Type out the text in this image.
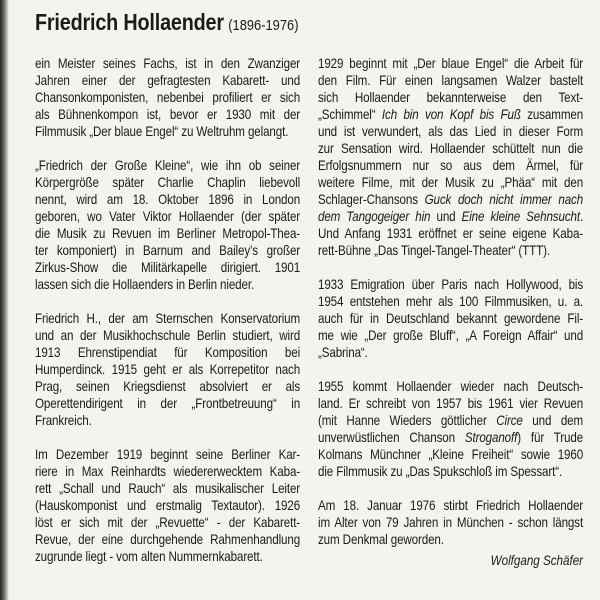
Friedrich Hollaender (1896-1976)
ein Meister seines Fachs, ist in den Zwanziger
Jahren einer der gefragtesten Kabarett- und
Chansonkomponisten, nebenbei profiliert er sich
als Bühnenkompon ist, bevor er 1930 mit der
Filmmusik „Der blaue Engel“ zu Weltruhm gelangt.
„Friedrich der Große Kleine“, wie ihn ob seiner
Körpergröße später Charlie Chaplin liebevoll
nennt, wird am 18. Oktober 1896 in London
geboren, wo Vater Viktor Hollaender (der später
die Musik zu Revuen im Berliner Metropol-Thea-
ter komponiert) in Barnum and Bailey’s großer
Zirkus-Show die Militärkapelle dirigiert. 1901
lassen sich die Hollaenders in Berlin nieder.
Friedrich H., der am Sternschen Konservatorium
und an der Musikhochschule Berlin studiert, wird
1913 Ehrenstipendiat für Komposition bei
Humperdinck. 1915 geht er als Korrepetitor nach
Prag, seinen Kriegsdienst absolviert er als
Operettendirigent in der „Frontbetreuung“ in
Frankreich.
Im Dezember 1919 beginnt seine Berliner Kar-
riere in Max Reinhardts wiedererwecktem Kaba-
rett „Schall und Rauch“ als musikalischer Leiter
(Hauskomponist und erstmalig Textautor). 1926
löst er sich mit der „Revuette“ - der Kabarett-
Revue, der eine durchgehende Rahmenhandlung
zugrunde liegt - vom alten Nummernkabarett.
1929 beginnt mit „Der blaue Engel“ die Arbeit für
den Film. Für einen langsamen Walzer bastelt
sich Hollaender bekannterweise den Text-
„Schimmel“ Ich bin von Kopf bis Fuß zusammen
und ist verwundert, als das Lied in dieser Form
zur Sensation wird. Hollaender schüttelt nun die
Erfolgsnummern nur so aus dem Ärmel, für
weitere Filme, mit der Musik zu „Phäa“ mit den
Schlager-Chansons Guck doch nicht immer nach
dem Tangogeiger hin und Eine kleine Sehnsucht.
Und Anfang 1931 eröffnet er seine eigene Kaba-
rett-Bühne „Das Tingel-Tangel-Theater“ (TTT).
1933 Emigration über Paris nach Hollywood, bis
1954 entstehen mehr als 100 Filmmusiken, u. a.
auch für in Deutschland bekannt gewordene Fil-
me wie „Der große Bluff“, „A Foreign Affair“ und
„Sabrina“.
1955 kommt Hollaender wieder nach Deutsch-
land. Er schreibt von 1957 bis 1961 vier Revuen
(mit Hanne Wieders göttlicher Circe und dem
unverwüstlichen Chanson Stroganoff) für Trude
Kolmans Münchner „Kleine Freiheit“ sowie 1960
die Filmmusik zu „Das Spukschloß im Spessart“.
Am 18. Januar 1976 stirbt Friedrich Hollaender
im Alter von 79 Jahren in München - schon längst
zum Denkmal geworden.
Wolfgang Schäfer
